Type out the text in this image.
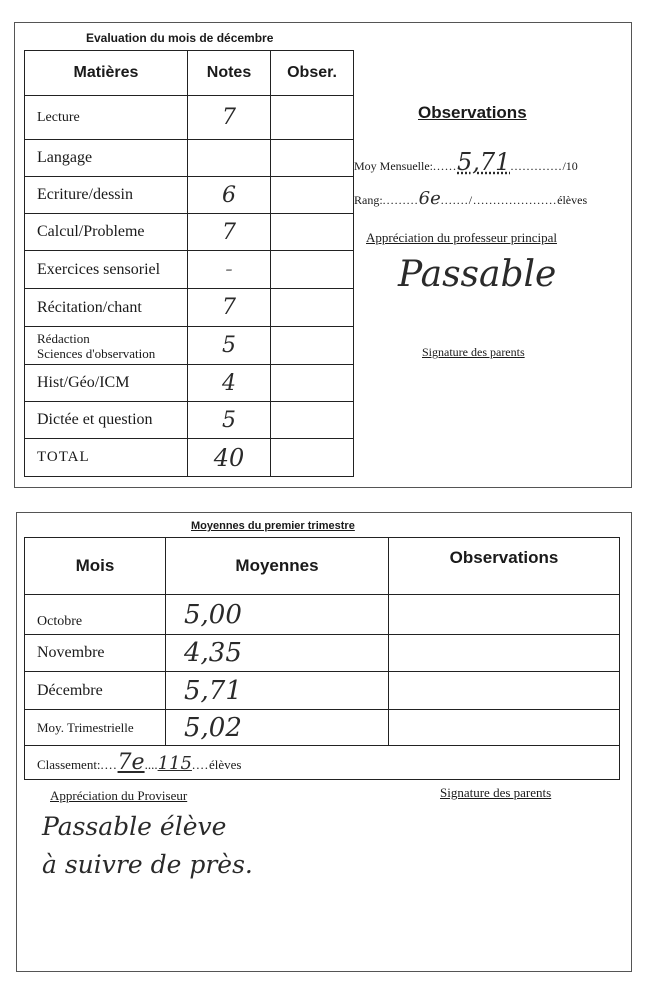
Evaluation du mois de décembre
Matières	Notes	Obser.
Lecture	7	
Langage		
Ecriture/dessin	6	
Calcul/Probleme	7	
Exercices sensoriel	-	
Récitation/chant	7	
Rédaction
Sciences d'observation	5	
Hist/Géo/ICM	4	
Dictée et question	5	
TOTAL	40	
Observations
Moy Mensuelle:......5,71............./10
Rang:.........6e......./.....................élèves
Appréciation du professeur principal
Passable
Signature des parents
Moyennes du premier trimestre
Mois	Moyennes	Observations
Octobre	5,00	
Novembre	4,35	
Décembre	5,71	
Moy. Trimestrielle	5,02	
Classement:....7e....115....élèves		
Appréciation du Proviseur	Signature des parents
Passable élève
à suivre de près.
